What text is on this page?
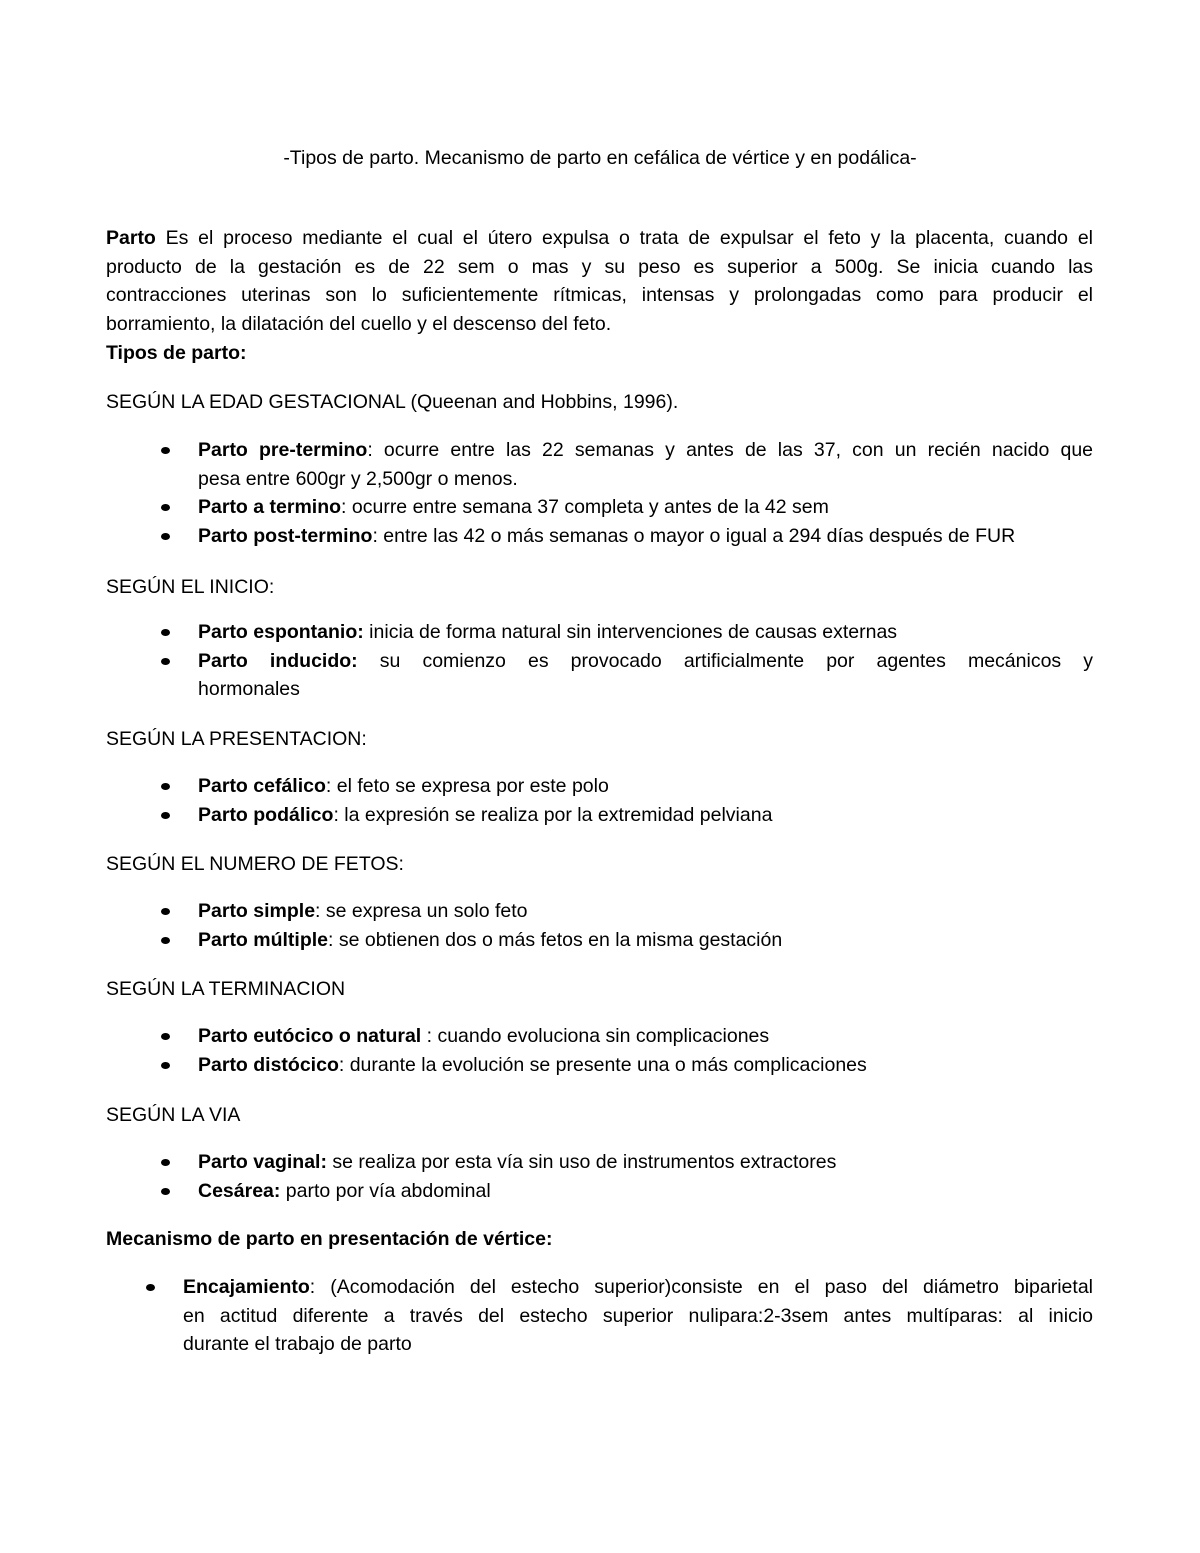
-Tipos de parto. Mecanismo de parto en cefálica de vértice y en podálica-
Parto Es el proceso mediante el cual el útero expulsa o trata de expulsar el feto y la placenta, cuando el
producto de la gestación es de 22 sem o mas y su peso es superior a 500g. Se inicia cuando las
contracciones uterinas son lo suficientemente rítmicas, intensas y prolongadas como para producir el
borramiento, la dilatación del cuello y el descenso del feto.

Tipos de parto:

SEGÚN LA EDAD GESTACIONAL (Queenan and Hobbins, 1996).

Parto pre-termino: ocurre entre las 22 semanas y antes de las 37, con un recién nacido que
pesa entre 600gr y 2,500gr o menos.
Parto a termino: ocurre entre semana 37 completa y antes de la 42 sem
Parto post-termino: entre las 42 o más semanas o mayor o igual a 294 días después de FUR

SEGÚN EL INICIO:

Parto espontanio: inicia de forma natural sin intervenciones de causas externas
Parto inducido: su comienzo es provocado artificialmente por agentes mecánicos y
hormonales

SEGÚN LA PRESENTACION:

Parto cefálico: el feto se expresa por este polo
Parto podálico: la expresión se realiza por la extremidad pelviana

SEGÚN EL NUMERO DE FETOS:

Parto simple: se expresa un solo feto
Parto múltiple: se obtienen dos o más fetos en la misma gestación

SEGÚN LA TERMINACION

Parto eutócico o natural : cuando evoluciona sin complicaciones
Parto distócico: durante la evolución se presente una o más complicaciones

SEGÚN LA VIA

Parto vaginal: se realiza por esta vía sin uso de instrumentos extractores
Cesárea: parto por vía abdominal

Mecanismo de parto en presentación de vértice:

Encajamiento: (Acomodación del estecho superior)consiste en el paso del diámetro biparietal
en actitud diferente a través del estecho superior nulipara:2-3sem antes multíparas: al inicio
durante el trabajo de parto
